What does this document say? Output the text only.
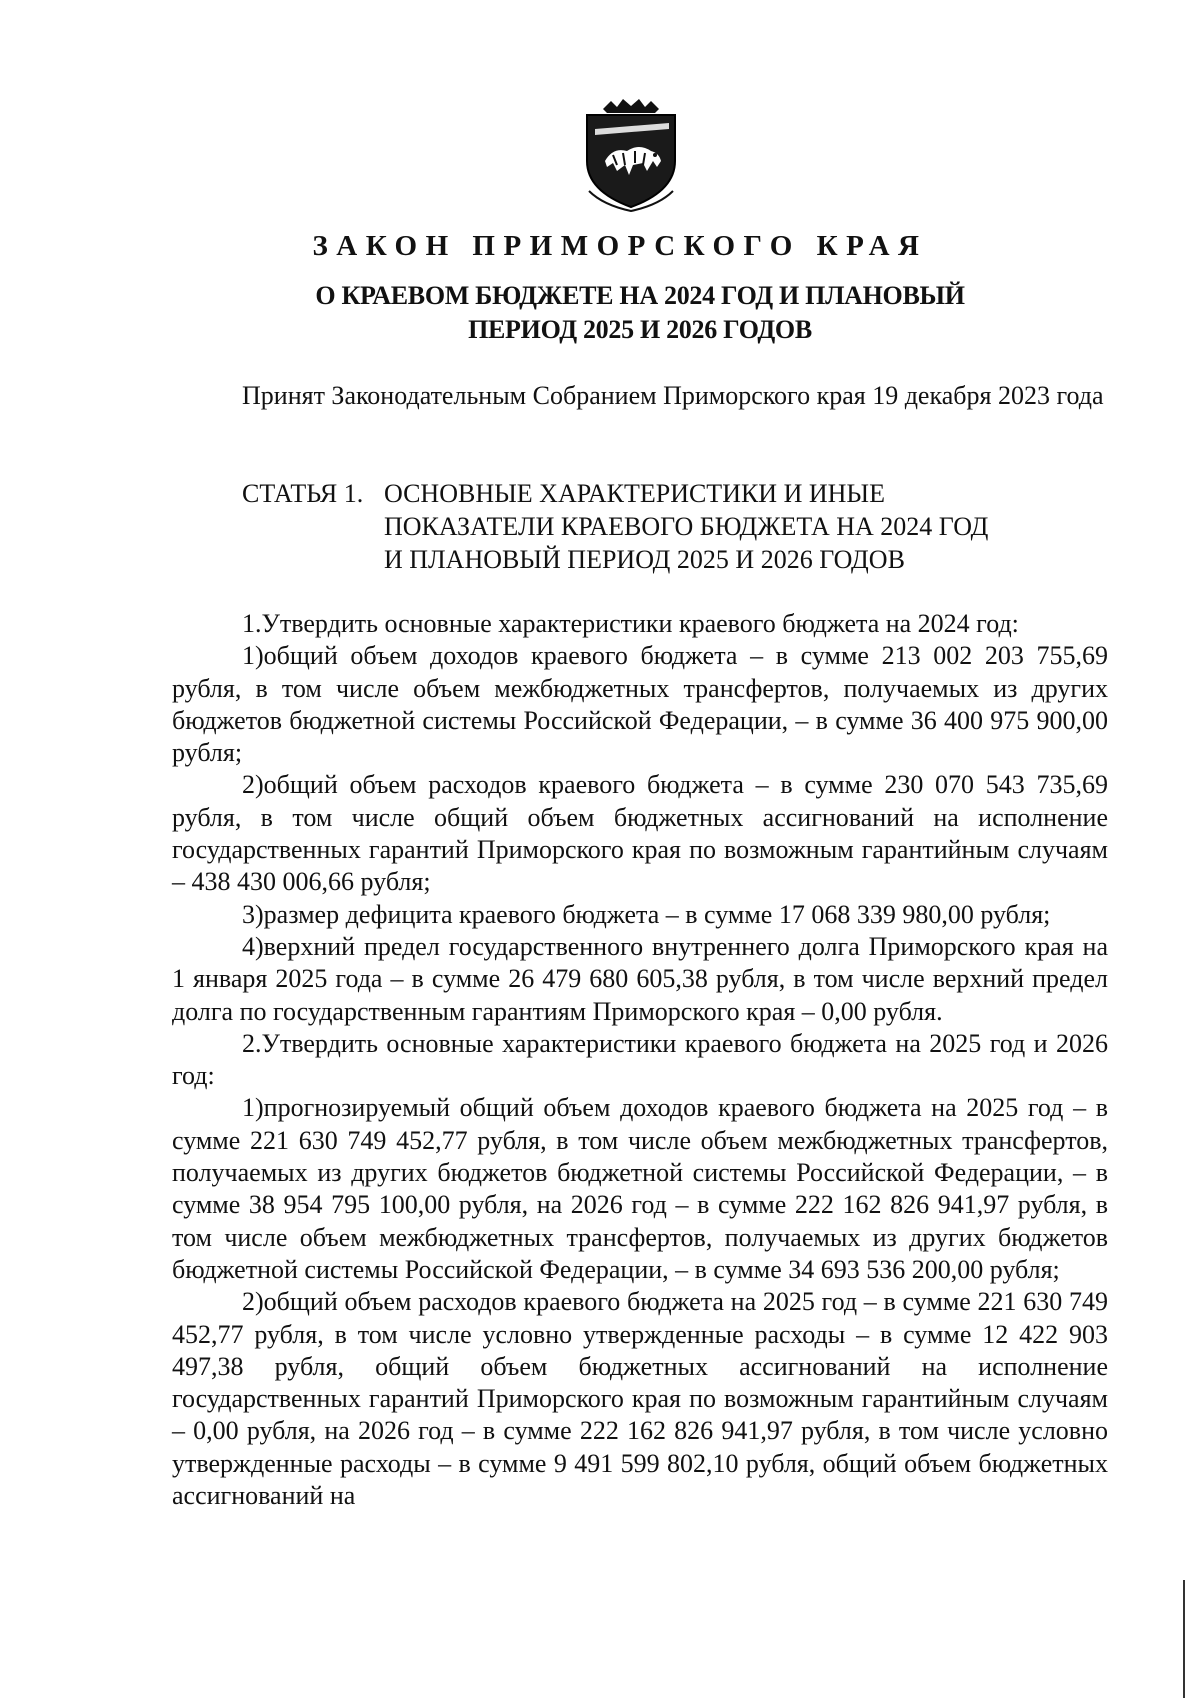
ЗАКОН ПРИМОРСКОГО КРАЯ
О КРАЕВОМ БЮДЖЕТЕ НА 2024 ГОД И ПЛАНОВЫЙ
ПЕРИОД 2025 И 2026 ГОДОВ

Принят Законодательным Собранием Приморского края 19 декабря 2023 года

СТАТЬЯ 1. ОСНОВНЫЕ ХАРАКТЕРИСТИКИ И ИНЫЕ
ПОКАЗАТЕЛИ КРАЕВОГО БЮДЖЕТА НА 2024 ГОД
И ПЛАНОВЫЙ ПЕРИОД 2025 И 2026 ГОДОВ

1.Утвердить основные характеристики краевого бюджета на 2024 год:

1)общий объем доходов краевого бюджета – в сумме 213 002 203 755,69 рубля, в том числе объем межбюджетных трансфертов, получаемых из других бюджетов бюджетной системы Российской Федерации, – в сумме 36 400 975 900,00 рубля;

2)общий объем расходов краевого бюджета – в сумме 230 070 543 735,69 рубля, в том числе общий объем бюджетных ассигнований на исполнение государственных гарантий Приморского края по возможным гарантийным случаям – 438 430 006,66 рубля;

3)размер дефицита краевого бюджета – в сумме 17 068 339 980,00 рубля;

4)верхний предел государственного внутреннего долга Приморского края на 1 января 2025 года – в сумме 26 479 680 605,38 рубля, в том числе верхний предел долга по государственным гарантиям Приморского края – 0,00 рубля.

2.Утвердить основные характеристики краевого бюджета на 2025 год и 2026 год:

1)прогнозируемый общий объем доходов краевого бюджета на 2025 год – в сумме 221 630 749 452,77 рубля, в том числе объем межбюджетных трансфертов, получаемых из других бюджетов бюджетной системы Российской Федерации, – в сумме 38 954 795 100,00 рубля, на 2026 год – в сумме 222 162 826 941,97 рубля, в том числе объем межбюджетных трансфертов, получаемых из других бюджетов бюджетной системы Российской Федерации, – в сумме 34 693 536 200,00 рубля;

2)общий объем расходов краевого бюджета на 2025 год – в сумме 221 630 749 452,77 рубля, в том числе условно утвержденные расходы – в сумме 12 422 903 497,38 рубля, общий объем бюджетных ассигнований на исполнение государственных гарантий Приморского края по возможным гарантийным случаям – 0,00 рубля, на 2026 год – в сумме 222 162 826 941,97 рубля, в том числе условно утвержденные расходы – в сумме 9 491 599 802,10 рубля, общий объем бюджетных ассигнований на
